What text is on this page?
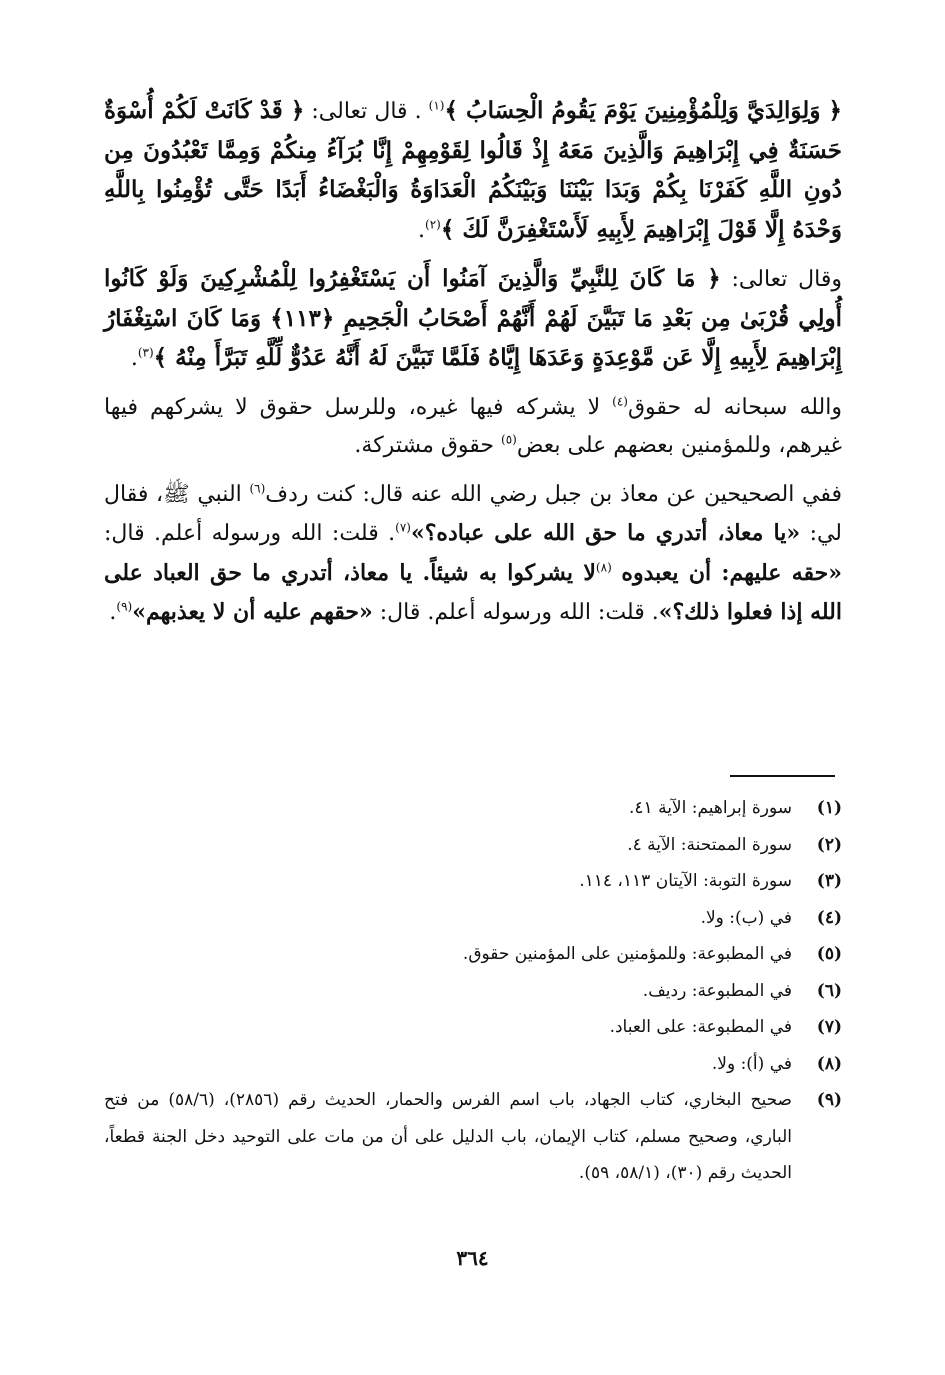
﴿ وَلِوَالِدَيَّ وَلِلْمُؤْمِنِينَ يَوْمَ يَقُومُ الْحِسَابُ ﴾$^{(١)}$ . قال تعالى: ﴿ قَدْ كَانَتْ لَكُمْ أُسْوَةٌ حَسَنَةٌ فِي إِبْرَاهِيمَ وَالَّذِينَ مَعَهُ إِذْ قَالُوا لِقَوْمِهِمْ إِنَّا بُرَآءُ مِنكُمْ وَمِمَّا تَعْبُدُونَ مِن دُونِ اللَّهِ كَفَرْنَا بِكُمْ وَبَدَا بَيْنَنَا وَبَيْنَكُمُ الْعَدَاوَةُ وَالْبَغْضَاءُ أَبَدًا حَتَّى تُؤْمِنُوا بِاللَّهِ وَحْدَهُ إِلَّا قَوْلَ إِبْرَاهِيمَ لِأَبِيهِ لَأَسْتَغْفِرَنَّ لَكَ ﴾$^{(٢)}$.

وقال تعالى: ﴿ مَا كَانَ لِلنَّبِيِّ وَالَّذِينَ آمَنُوا أَن يَسْتَغْفِرُوا لِلْمُشْرِكِينَ وَلَوْ كَانُوا أُولِي قُرْبَىٰ مِن بَعْدِ مَا تَبَيَّنَ لَهُمْ أَنَّهُمْ أَصْحَابُ الْجَحِيمِ ﴿١١٣﴾ وَمَا كَانَ اسْتِغْفَارُ إِبْرَاهِيمَ لِأَبِيهِ إِلَّا عَن مَّوْعِدَةٍ وَعَدَهَا إِيَّاهُ فَلَمَّا تَبَيَّنَ لَهُ أَنَّهُ عَدُوٌّ لِّلَّهِ تَبَرَّأَ مِنْهُ ﴾$^{(٣)}$.

والله سبحانه له حقوق$^{(٤)}$ لا يشركه فيها غيره، وللرسل حقوق لا يشركهم فيها غيرهم، وللمؤمنين بعضهم على بعض$^{(٥)}$ حقوق مشتركة.

ففي الصحيحين عن معاذ بن جبل رضي الله عنه قال: كنت ردف$^{(٦)}$ النبي ﷺ، فقال لي: «يا معاذ، أتدري ما حق الله على عباده؟»$^{(٧)}$. قلت: الله ورسوله أعلم. قال: «حقه عليهم: أن يعبدوه $^{(٨)}$لا يشركوا به شيئاً. يا معاذ، أتدري ما حق العباد على الله إذا فعلوا ذلك؟». قلت: الله ورسوله أعلم. قال: «حقهم عليه أن لا يعذبهم»$^{(٩)}$.

(١)
سورة إبراهيم: الآية ٤١.
(٢)
سورة الممتحنة: الآية ٤.
(٣)
سورة التوبة: الآيتان ١١٣، ١١٤.
(٤)
في (ب): ولا.
(٥)
في المطبوعة: وللمؤمنين على المؤمنين حقوق.
(٦)
في المطبوعة: رديف.
(٧)
في المطبوعة: على العباد.
(٨)
في (أ): ولا.
(٩)
صحيح البخاري، كتاب الجهاد، باب اسم الفرس والحمار، الحديث رقم (٢٨٥٦)، (٥٨/٦) من فتح الباري، وصحيح مسلم، كتاب الإيمان، باب الدليل على أن من مات على التوحيد دخل الجنة قطعاً، الحديث رقم (٣٠)، (٥٨/١، ٥٩).
٣٦٤
